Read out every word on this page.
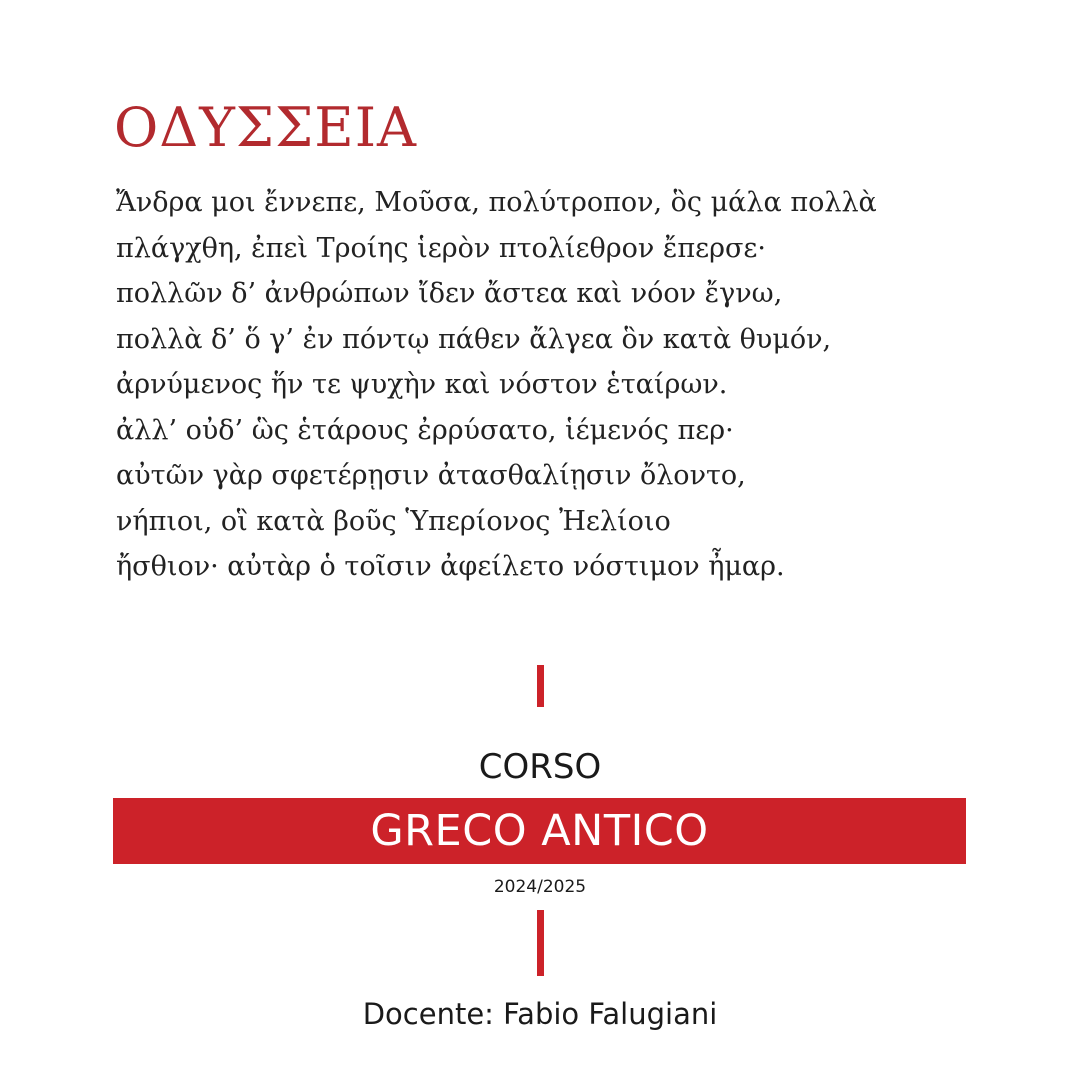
ΟΔΥΣΣΕΙΑ
Ἄνδρα μοι ἔννεπε, Μοῦσα, πολύτροπον, ὃς μάλα πολλὰ
πλάγχθη, ἐπεὶ Τροίης ἱερὸν πτολίεθρον ἔπερσε·
πολλῶν δ’ ἀνθρώπων ἴδεν ἄστεα καὶ νόον ἔγνω,
πολλὰ δ’ ὅ γ’ ἐν πόντῳ πάθεν ἄλγεα ὃν κατὰ θυμόν,
ἀρνύμενος ἥν τε ψυχὴν καὶ νόστον ἑταίρων.
ἀλλ’ οὐδ’ ὣς ἑτάρους ἐρρύσατο, ἱέμενός περ·
αὐτῶν γὰρ σφετέρῃσιν ἀτασθαλίῃσιν ὄλοντο,
νήπιοι, οἳ κατὰ βοῦς Ὑπερίονος Ἠελίοιο
ἤσθιον· αὐτὰρ ὁ τοῖσιν ἀφείλετο νόστιμον ἦμαρ.
CORSO
GRECO ANTICO
2024/2025
Docente: Fabio Falugiani
